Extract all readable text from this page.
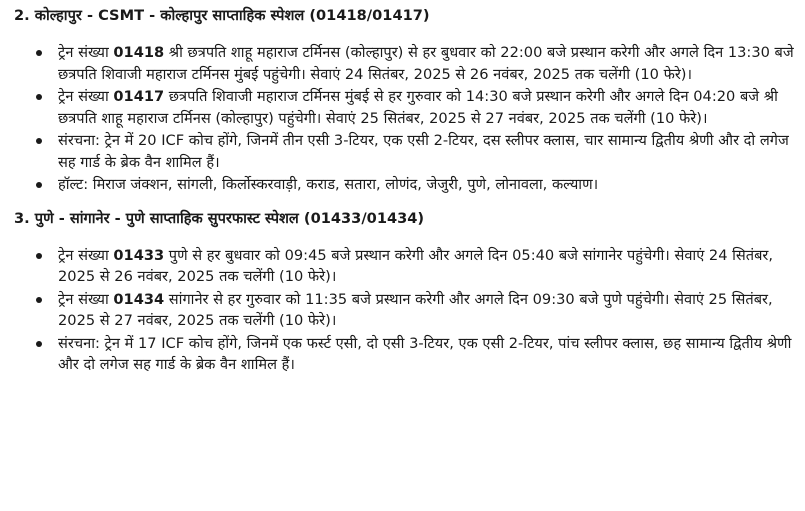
2. कोल्हापुर - CSMT - कोल्हापुर साप्ताहिक स्पेशल (01418/01417)

ट्रेन संख्या 01418 श्री छत्रपति शाहू महाराज टर्मिनस (कोल्हापुर) से हर बुधवार को 22:00 बजे प्रस्थान करेगी और अगले दिन 13:30 बजे छत्रपति शिवाजी महाराज टर्मिनस मुंबई पहुंचेगी। सेवाएं 24 सितंबर, 2025 से 26 नवंबर, 2025 तक चलेंगी (10 फेरे)।
ट्रेन संख्या 01417 छत्रपति शिवाजी महाराज टर्मिनस मुंबई से हर गुरुवार को 14:30 बजे प्रस्थान करेगी और अगले दिन 04:20 बजे श्री छत्रपति शाहू महाराज टर्मिनस (कोल्हापुर) पहुंचेगी। सेवाएं 25 सितंबर, 2025 से 27 नवंबर, 2025 तक चलेंगी (10 फेरे)।
संरचना: ट्रेन में 20 ICF कोच होंगे, जिनमें तीन एसी 3-टियर, एक एसी 2-टियर, दस स्लीपर क्लास, चार सामान्य द्वितीय श्रेणी और दो लगेज सह गार्ड के ब्रेक वैन शामिल हैं।
हॉल्ट: मिराज जंक्शन, सांगली, किर्लोस्करवाड़ी, कराड, सतारा, लोणंद, जेजुरी, पुणे, लोनावला, कल्याण।

3. पुणे - सांगानेर - पुणे साप्ताहिक सुपरफास्ट स्पेशल (01433/01434)

ट्रेन संख्या 01433 पुणे से हर बुधवार को 09:45 बजे प्रस्थान करेगी और अगले दिन 05:40 बजे सांगानेर पहुंचेगी। सेवाएं 24 सितंबर, 2025 से 26 नवंबर, 2025 तक चलेंगी (10 फेरे)।
ट्रेन संख्या 01434 सांगानेर से हर गुरुवार को 11:35 बजे प्रस्थान करेगी और अगले दिन 09:30 बजे पुणे पहुंचेगी। सेवाएं 25 सितंबर, 2025 से 27 नवंबर, 2025 तक चलेंगी (10 फेरे)।
संरचना: ट्रेन में 17 ICF कोच होंगे, जिनमें एक फर्स्ट एसी, दो एसी 3-टियर, एक एसी 2-टियर, पांच स्लीपर क्लास, छह सामान्य द्वितीय श्रेणी और दो लगेज सह गार्ड के ब्रेक वैन शामिल हैं।
